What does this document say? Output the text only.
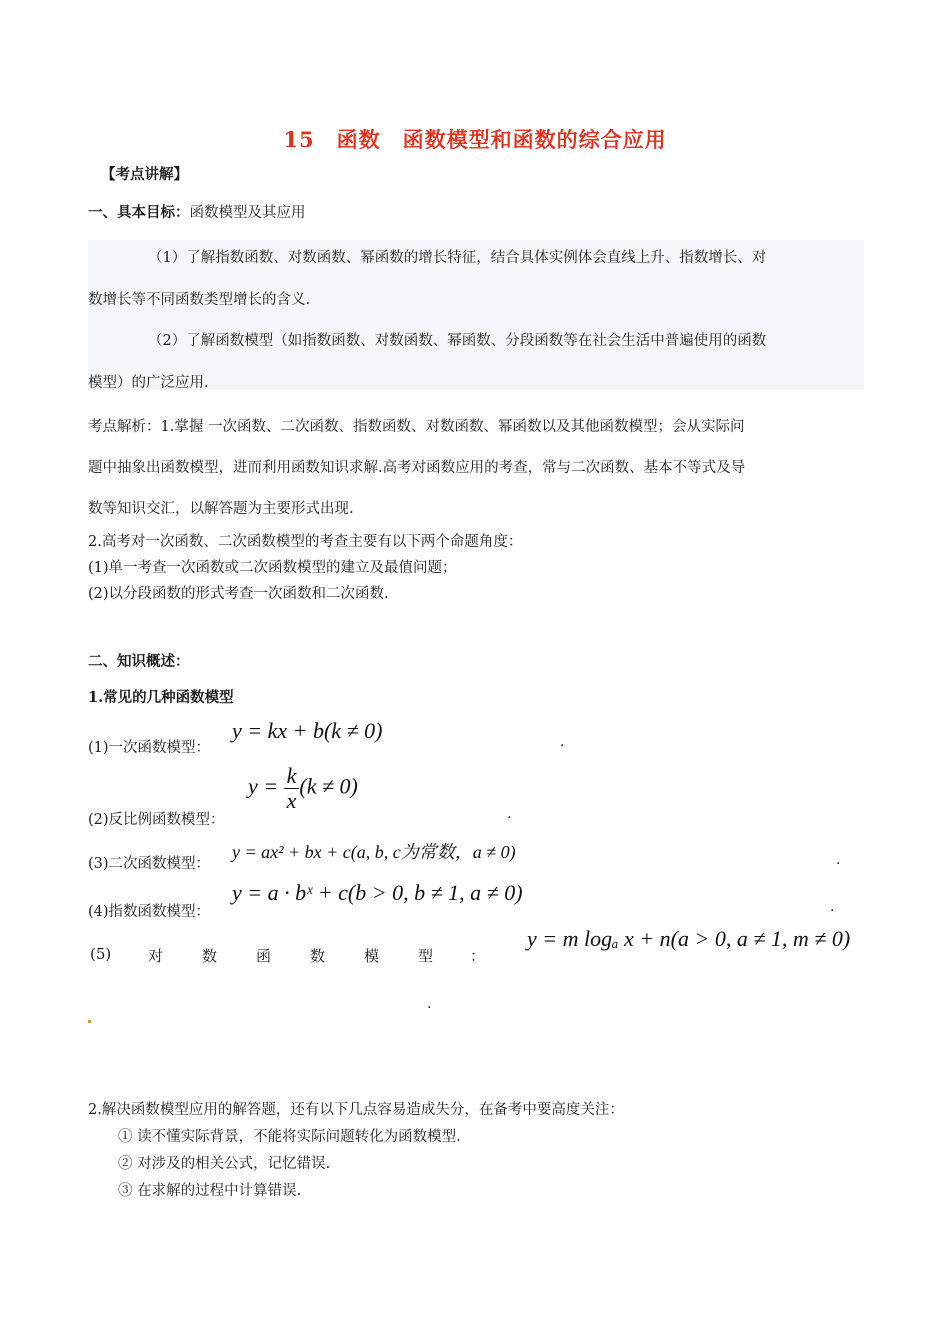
15　函数　函数模型和函数的综合应用
【考点讲解】
一、具本目标：函数模型及其应用
（1）了解指数函数、对数函数、幂函数的增长特征，结合具体实例体会直线上升、指数增长、对
数增长等不同函数类型增长的含义.
（2）了解函数模型（如指数函数、对数函数、幂函数、分段函数等在社会生活中普遍使用的函数
模型）的广泛应用.
考点解析：1.掌握 一次函数、二次函数、指数函数、对数函数、幂函数以及其他函数模型；会从实际问
题中抽象出函数模型，进而利用函数知识求解.高考对函数应用的考查，常与二次函数、基本不等式及导
数等知识交汇，以解答题为主要形式出现.
2.高考对一次函数、二次函数模型的考查主要有以下两个命题角度：
(1)单一考查一次函数或二次函数模型的建立及最值问题；
(2)以分段函数的形式考查一次函数和二次函数.
二、知识概述：
1.常见的几种函数模型
(1)一次函数模型：
y = kx + b(k ≠ 0)	.
(2)反比例函数模型：
$y = \frac{k}{x} (k \ne 0)$
.
(3)二次函数模型：
y = ax² + bx + c(a, b, c为常数，a ≠ 0)	.
(4)指数函数模型：
y = a · bˣ + c(b > 0, b ≠ 1, a ≠ 0)
.
(5) 对	数	函	数	模	型 ：
y = m logₐ x + n(a > 0, a ≠ 1, m ≠ 0)
.
2.解决函数模型应用的解答题，还有以下几点容易造成失分，在备考中要高度关注：
① 读不懂实际背景，不能将实际问题转化为函数模型.
② 对涉及的相关公式，记忆错误.
③ 在求解的过程中计算错误.
